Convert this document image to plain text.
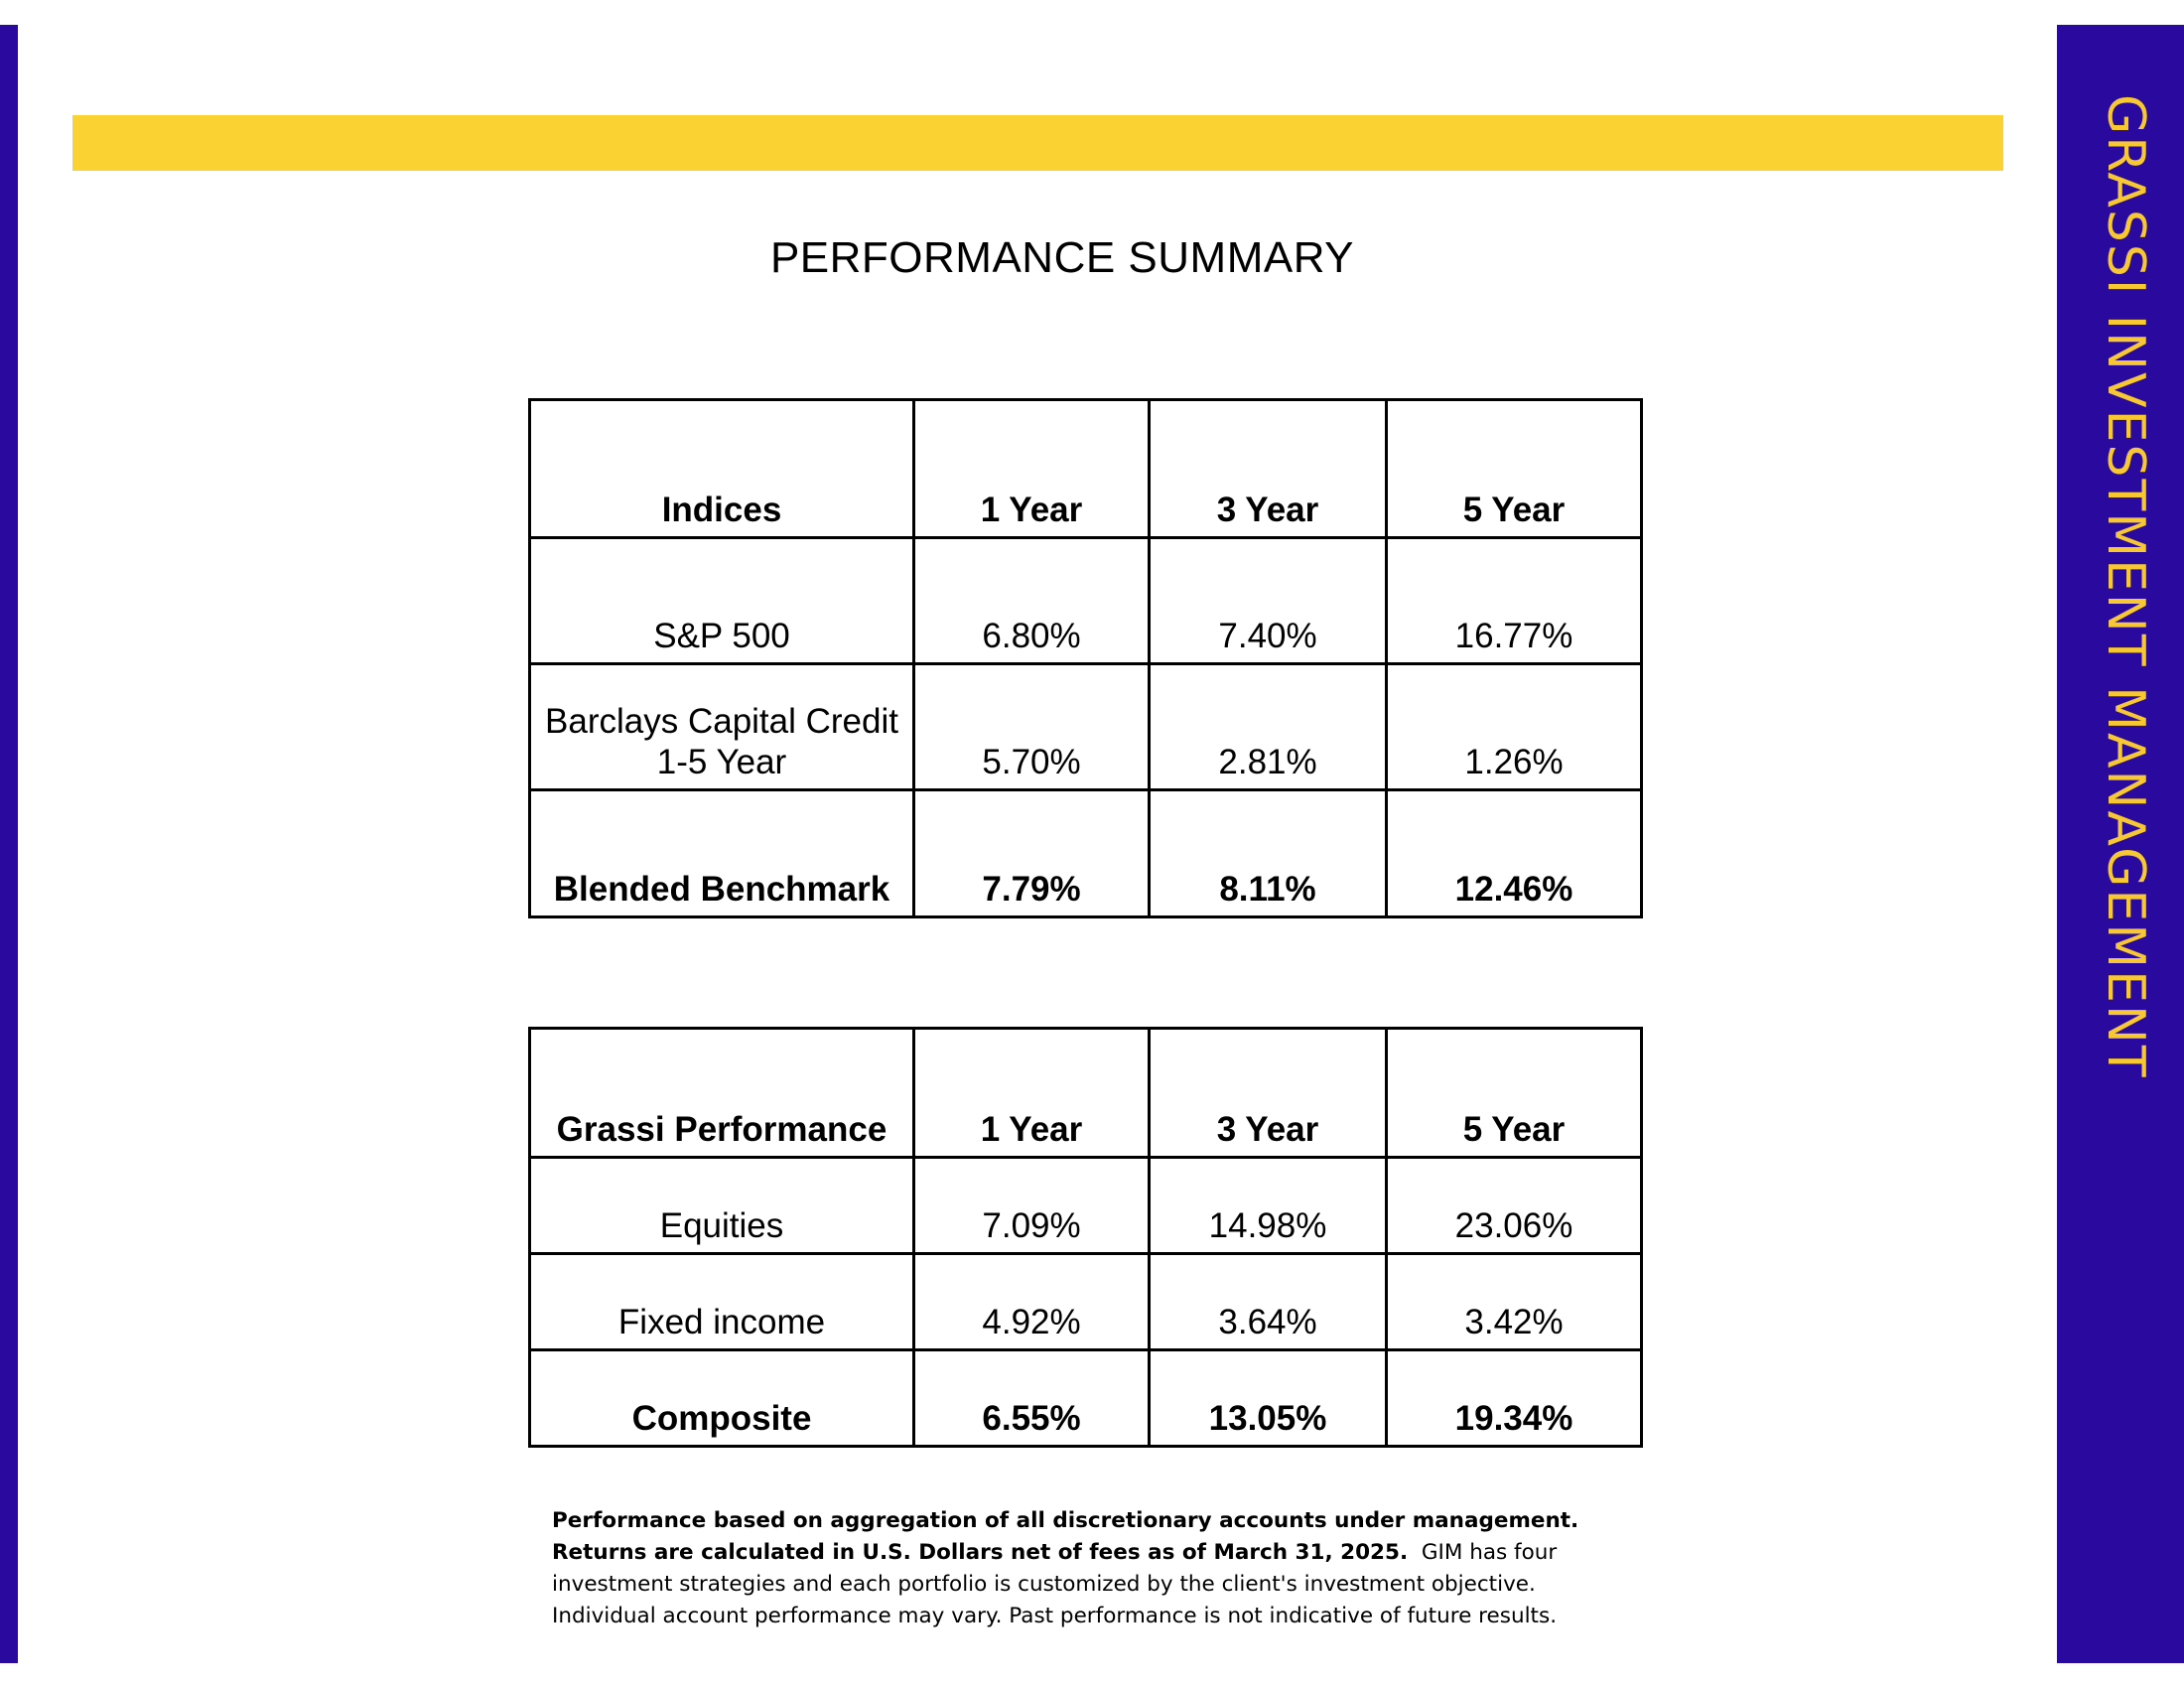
GRASSI INVESTMENT MANAGEMENT
PERFORMANCE SUMMARY
Indices	1 Year	3 Year	5 Year
S&P 500	6.80%	7.40%	16.77%
Barclays Capital Credit
1-5 Year	5.70%	2.81%	1.26%
Blended Benchmark	7.79%	8.11%	12.46%
Grassi Performance	1 Year	3 Year	5 Year
Equities	7.09%	14.98%	23.06%
Fixed income	4.92%	3.64%	3.42%
Composite	6.55%	13.05%	19.34%
Performance based on aggregation of all discretionary accounts under management.
Returns are calculated in U.S. Dollars net of fees as of March 31, 2025. GIM has four
investment strategies and each portfolio is customized by the client's investment objective.
Individual account performance may vary. Past performance is not indicative of future results.
